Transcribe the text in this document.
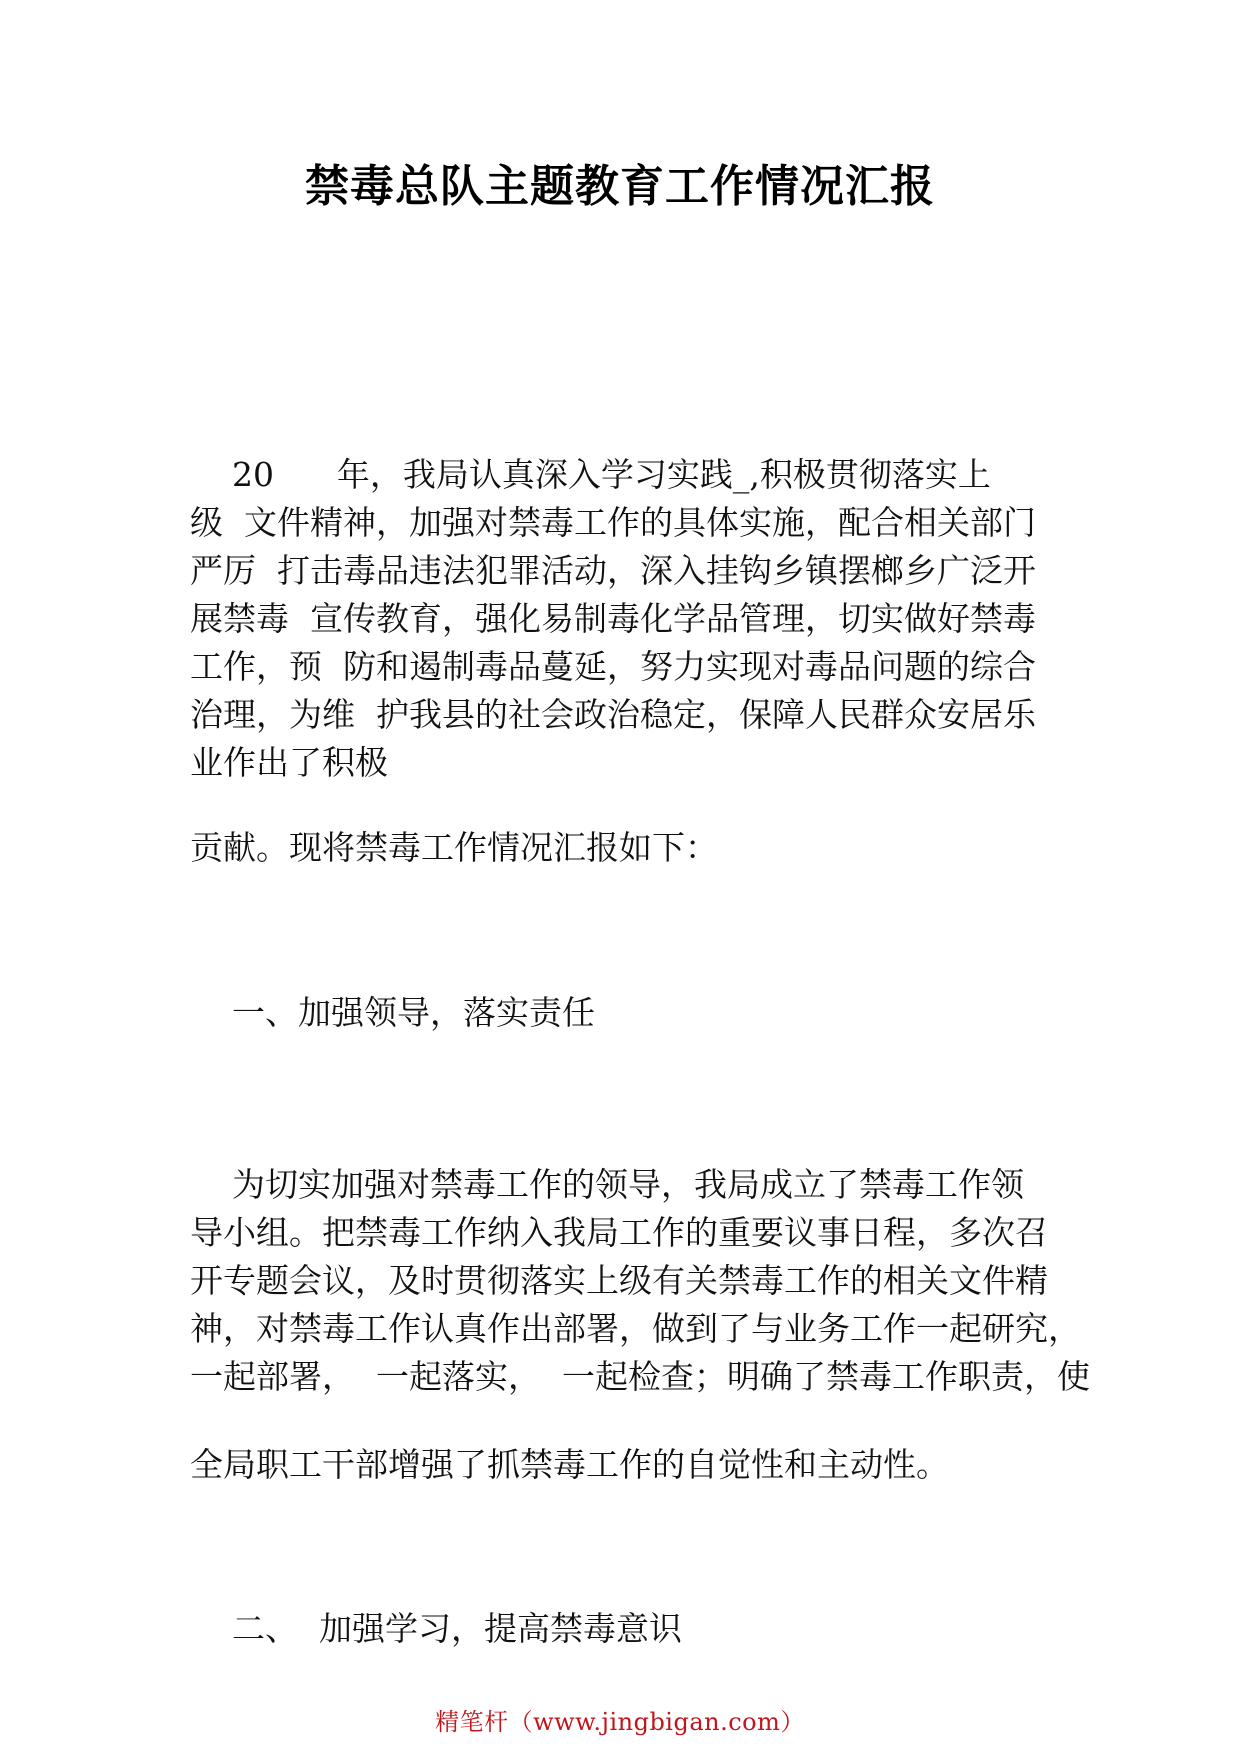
禁毒总队主题教育工作情况汇报
20      年，我局认真深入学习实践_,积极贯彻落实上
级  文件精神，加强对禁毒工作的具体实施，配合相关部门
严厉  打击毒品违法犯罪活动，深入挂钩乡镇摆榔乡广泛开
展禁毒  宣传教育，强化易制毒化学品管理，切实做好禁毒
工作，预  防和遏制毒品蔓延，努力实现对毒品问题的综合
治理，为维  护我县的社会政治稳定，保障人民群众安居乐
业作出了积极
贡献。现将禁毒工作情况汇报如下：
一、加强领导，落实责任
为切实加强对禁毒工作的领导，我局成立了禁毒工作领
导小组。把禁毒工作纳入我局工作的重要议事日程，多次召
开专题会议，及时贯彻落实上级有关禁毒工作的相关文件精
神，对禁毒工作认真作出部署，做到了与业务工作一起研究，
一起部署，  一起落实，  一起检查；明确了禁毒工作职责，使
全局职工干部增强了抓禁毒工作的自觉性和主动性。
二、  加强学习，提高禁毒意识
精笔杆（www.jingbigan.com）
